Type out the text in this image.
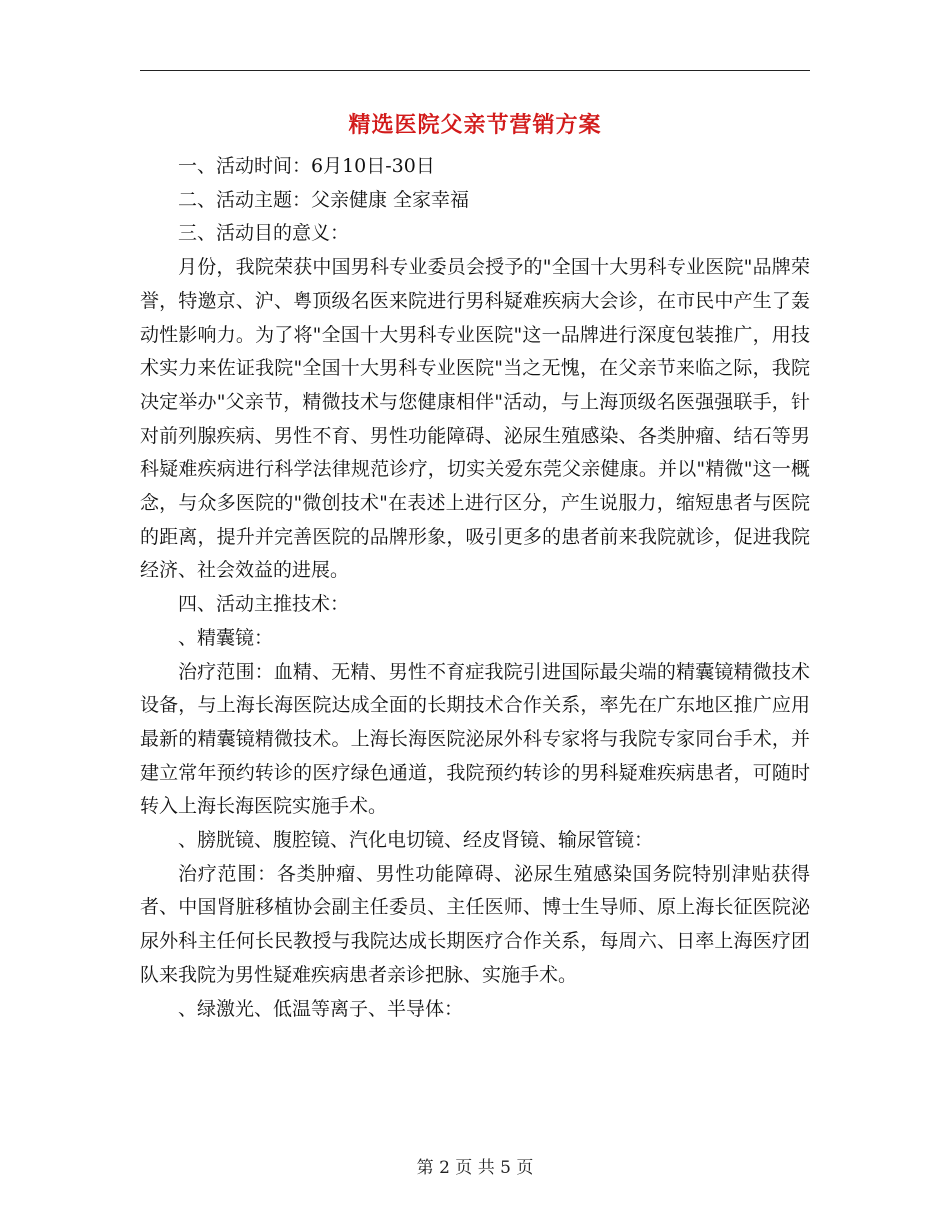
精选医院父亲节营销方案

一、活动时间：6月10日-30日

二、活动主题：父亲健康 全家幸福

三、活动目的意义：

月份，我院荣获中国男科专业委员会授予的"全国十大男科专业医院"品牌荣誉，特邀京、沪、粤顶级名医来院进行男科疑难疾病大会诊，在市民中产生了轰动性影响力。为了将"全国十大男科专业医院"这一品牌进行深度包装推广，用技术实力来佐证我院"全国十大男科专业医院"当之无愧，在父亲节来临之际，我院决定举办"父亲节，精微技术与您健康相伴"活动，与上海顶级名医强强联手，针对前列腺疾病、男性不育、男性功能障碍、泌尿生殖感染、各类肿瘤、结石等男科疑难疾病进行科学法律规范诊疗，切实关爱东莞父亲健康。并以"精微"这一概念，与众多医院的"微创技术"在表述上进行区分，产生说服力，缩短患者与医院的距离，提升并完善医院的品牌形象，吸引更多的患者前来我院就诊，促进我院经济、社会效益的进展。

四、活动主推技术：

、精囊镜：

治疗范围：血精、无精、男性不育症我院引进国际最尖端的精囊镜精微技术设备，与上海长海医院达成全面的长期技术合作关系，率先在广东地区推广应用最新的精囊镜精微技术。上海长海医院泌尿外科专家将与我院专家同台手术，并建立常年预约转诊的医疗绿色通道，我院预约转诊的男科疑难疾病患者，可随时转入上海长海医院实施手术。

、膀胱镜、腹腔镜、汽化电切镜、经皮肾镜、输尿管镜：

治疗范围：各类肿瘤、男性功能障碍、泌尿生殖感染国务院特别津贴获得者、中国肾脏移植协会副主任委员、主任医师、博士生导师、原上海长征医院泌尿外科主任何长民教授与我院达成长期医疗合作关系，每周六、日率上海医疗团队来我院为男性疑难疾病患者亲诊把脉、实施手术。

、绿激光、低温等离子、半导体：

第 2 页 共 5 页
